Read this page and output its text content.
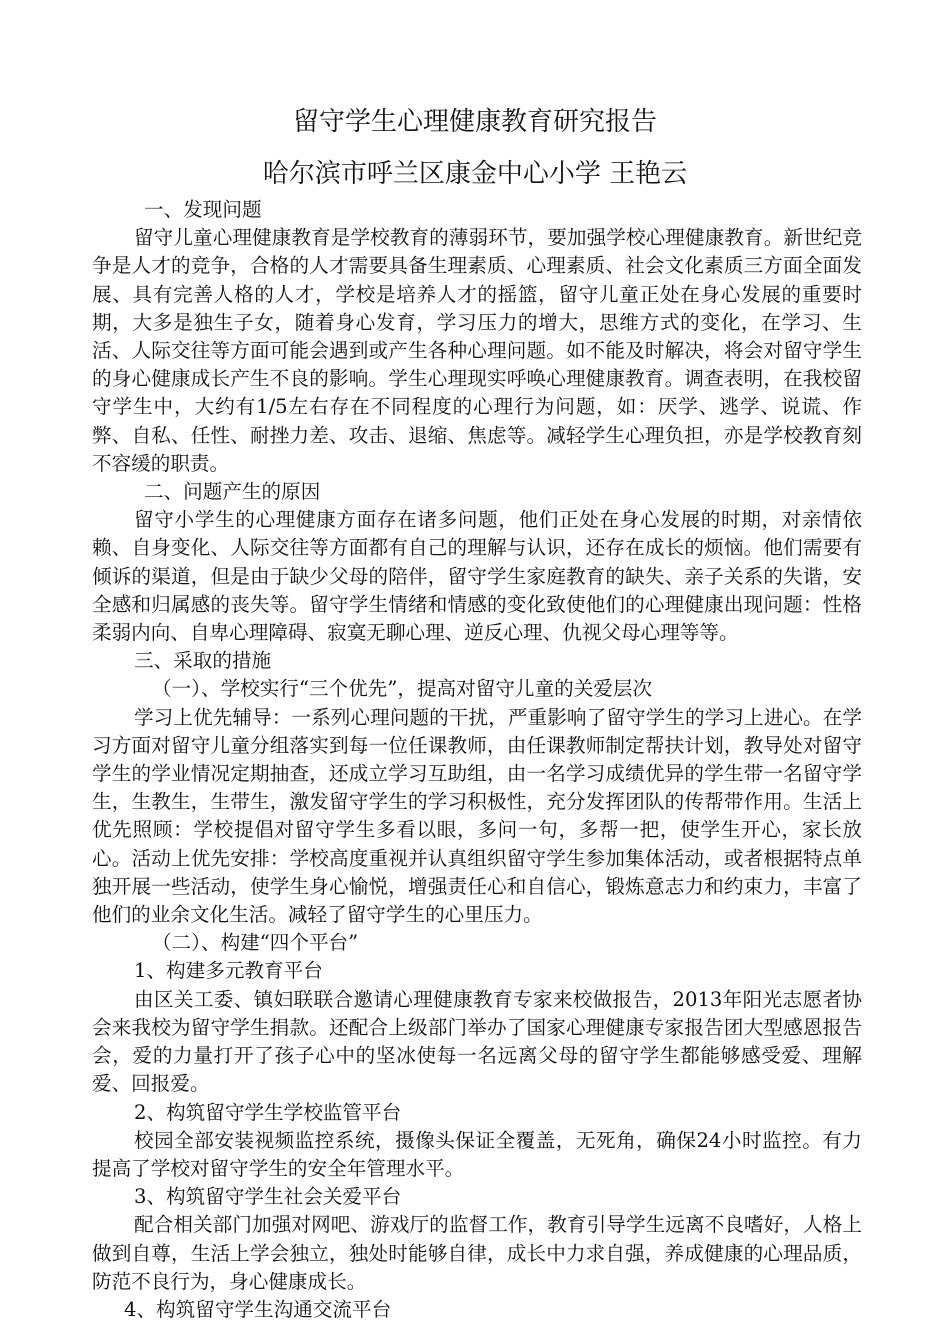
留守学生心理健康教育研究报告
哈尔滨市呼兰区康金中心小学 王艳云

一、发现问题

留守儿童心理健康教育是学校教育的薄弱环节，要加强学校心理健康教育。新世纪竞争是人才的竞争，合格的人才需要具备生理素质、心理素质、社会文化素质三方面全面发展、具有完善人格的人才，学校是培养人才的摇篮，留守儿童正处在身心发展的重要时期，大多是独生子女，随着身心发育，学习压力的增大，思维方式的变化，在学习、生活、人际交往等方面可能会遇到或产生各种心理问题。如不能及时解决，将会对留守学生的身心健康成长产生不良的影响。学生心理现实呼唤心理健康教育。调查表明，在我校留守学生中，大约有1/5左右存在不同程度的心理行为问题，如：厌学、逃学、说谎、作弊、自私、任性、耐挫力差、攻击、退缩、焦虑等。减轻学生心理负担，亦是学校教育刻不容缓的职责。

二、问题产生的原因

留守小学生的心理健康方面存在诸多问题，他们正处在身心发展的时期，对亲情依赖、自身变化、人际交往等方面都有自己的理解与认识，还存在成长的烦恼。他们需要有倾诉的渠道，但是由于缺少父母的陪伴，留守学生家庭教育的缺失、亲子关系的失谐，安全感和归属感的丧失等。留守学生情绪和情感的变化致使他们的心理健康出现问题：性格柔弱内向、自卑心理障碍、寂寞无聊心理、逆反心理、仇视父母心理等等。

三、采取的措施

（一）、学校实行“三个优先”，提高对留守儿童的关爱层次

学习上优先辅导：一系列心理问题的干扰，严重影响了留守学生的学习上进心。在学习方面对留守儿童分组落实到每一位任课教师，由任课教师制定帮扶计划，教导处对留守学生的学业情况定期抽查，还成立学习互助组，由一名学习成绩优异的学生带一名留守学生，生教生，生带生，激发留守学生的学习积极性，充分发挥团队的传帮带作用。生活上优先照顾：学校提倡对留守学生多看以眼，多问一句，多帮一把，使学生开心，家长放心。活动上优先安排：学校高度重视并认真组织留守学生参加集体活动，或者根据特点单独开展一些活动，使学生身心愉悦，增强责任心和自信心，锻炼意志力和约束力，丰富了他们的业余文化生活。减轻了留守学生的心里压力。

（二）、构建“四个平台”

1、构建多元教育平台

由区关工委、镇妇联联合邀请心理健康教育专家来校做报告，2013年阳光志愿者协会来我校为留守学生捐款。还配合上级部门举办了国家心理健康专家报告团大型感恩报告会，爱的力量打开了孩子心中的坚冰使每一名远离父母的留守学生都能够感受爱、理解爱、回报爱。

2、构筑留守学生学校监管平台

校园全部安装视频监控系统，摄像头保证全覆盖，无死角，确保24小时监控。有力提高了学校对留守学生的安全年管理水平。

3、构筑留守学生社会关爱平台

配合相关部门加强对网吧、游戏厅的监督工作，教育引导学生远离不良嗜好，人格上做到自尊，生活上学会独立，独处时能够自律，成长中力求自强，养成健康的心理品质，防范不良行为，身心健康成长。

4、构筑留守学生沟通交流平台
